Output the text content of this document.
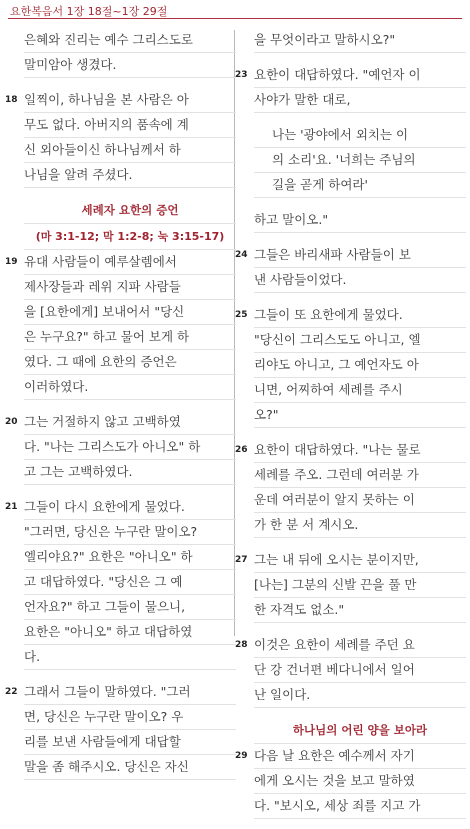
요한복음서 1장 18절~1장 29절
은혜와 진리는 예수 그리스도로
말미암아 생겼다.
18 일찍이, 하나님을 본 사람은 아
무도 없다. 아버지의 품속에 계
신 외아들이신 하나님께서 하
나님을 알려 주셨다.
세례자 요한의 증언
(마 3:1-12; 막 1:2-8; 눅 3:15-17)
19 유대 사람들이 예루살렘에서
제사장들과 레위 지파 사람들
을 [요한에게] 보내어서 "당신
은 누구요?" 하고 물어 보게 하
였다. 그 때에 요한의 증언은
이러하였다.
20 그는 거절하지 않고 고백하였
다. "나는 그리스도가 아니오" 하
고 그는 고백하였다.
21 그들이 다시 요한에게 물었다.
"그러면, 당신은 누구란 말이오?
엘리야요?" 요한은 "아니오" 하
고 대답하였다. "당신은 그 예
언자요?" 하고 그들이 물으니,
요한은 "아니오" 하고 대답하였
다.
22 그래서 그들이 말하였다. "그러
면, 당신은 누구란 말이오? 우
리를 보낸 사람들에게 대답할
말을 좀 해주시오. 당신은 자신
을 무엇이라고 말하시오?"
23 요한이 대답하였다. "예언자 이
사야가 말한 대로,
나는 '광야에서 외치는 이
의 소리'요. '너희는 주님의
길을 곧게 하여라'
하고 말이오."
24 그들은 바리새파 사람들이 보
낸 사람들이었다.
25 그들이 또 요한에게 물었다.
"당신이 그리스도도 아니고, 엘
리야도 아니고, 그 예언자도 아
니면, 어찌하여 세례를 주시
오?"
26 요한이 대답하였다. "나는 물로
세례를 주오. 그런데 여러분 가
운데 여러분이 알지 못하는 이
가 한 분 서 계시오.
27 그는 내 뒤에 오시는 분이지만,
[나는] 그분의 신발 끈을 풀 만
한 자격도 없소."
28 이것은 요한이 세례를 주던 요
단 강 건너편 베다니에서 일어
난 일이다.
하나님의 어린 양을 보아라
29 다음 날 요한은 예수께서 자기
에게 오시는 것을 보고 말하였
다. "보시오, 세상 죄를 지고 가
